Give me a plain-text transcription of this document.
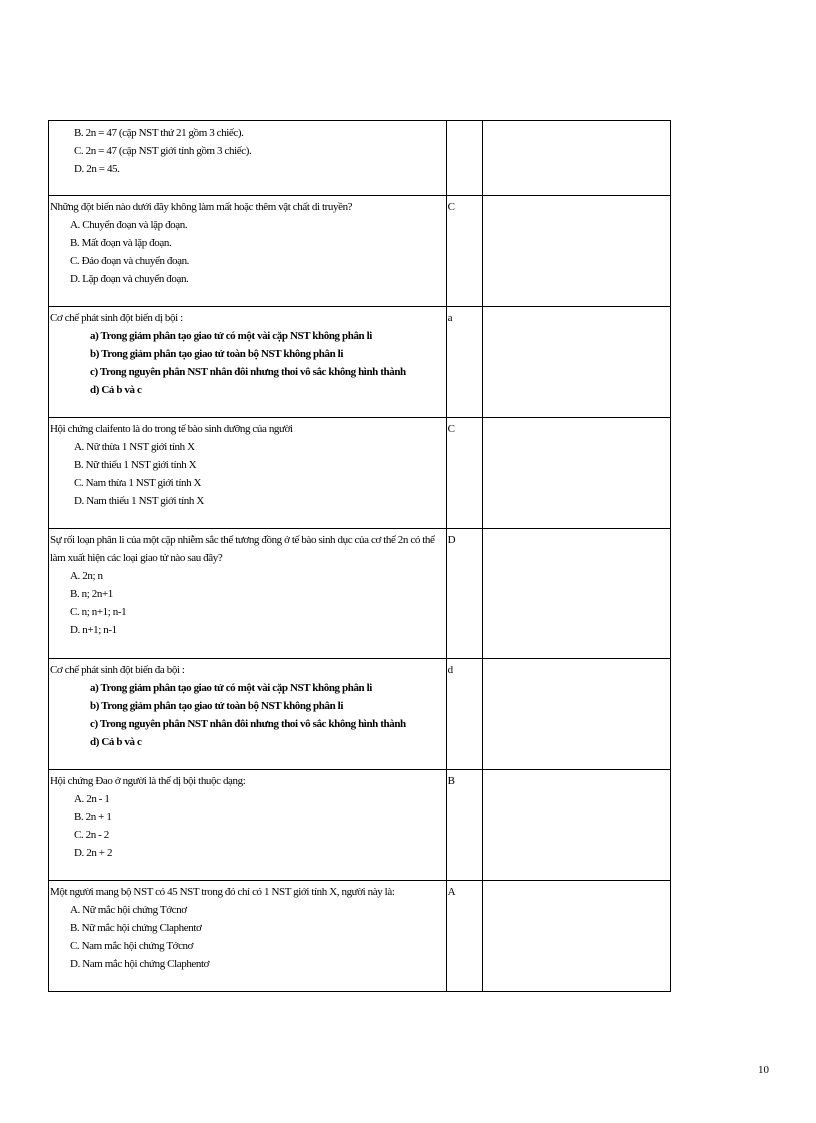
B. 2n = 47 (cặp NST thứ 21 gồm 3 chiếc).
C. 2n = 47 (cặp NST giới tính gồm 3 chiếc).
D. 2n = 45.		

Những đột biến nào dưới đây không làm mất hoặc thêm vật chất di truyền?
A. Chuyển đoạn và lặp đoạn.
B. Mất đoạn và lặp đoạn.
C. Đảo đoạn và chuyển đoạn.
D. Lặp đoạn và chuyển đoạn.	C	

Cơ chế phát sinh đột biến dị bội :
a) Trong giảm phân tạo giao tử có một vài cặp NST không phân li
b) Trong giảm phân tạo giao tử toàn bộ NST không phân li
c) Trong nguyên phân NST nhân đôi nhưng thoi vô sắc không hình thành
d) Cả b và c	a	

Hội chứng claifento là do trong tế bào sinh dưỡng của người
A. Nữ thừa 1 NST giới tính X
B. Nữ thiếu 1 NST giới tính X
C. Nam thừa 1 NST giới tính X
D. Nam thiếu 1 NST giới tính X	C	

Sự rối loạn phân li của một cặp nhiễm sắc thể tương đồng ở tế bào sinh dục của cơ thể 2n có thể làm xuất hiện các loại giao tử nào sau đây?
A. 2n; n
B. n; 2n+1
C. n; n+1; n-1
D. n+1; n-1	D	

Cơ chế phát sinh đột biến đa bội :
a) Trong giảm phân tạo giao tử có một vài cặp NST không phân li
b) Trong giảm phân tạo giao tử toàn bộ NST không phân li
c) Trong nguyên phân NST nhân đôi nhưng thoi vô sắc không hình thành
d) Cả b và c	d	

Hội chứng Đao ở người là thể dị bội thuộc dạng:
A. 2n - 1
B. 2n + 1
C. 2n - 2
D. 2n + 2	B	

Một người mang bộ NST có 45 NST trong đó chỉ có 1 NST giới tính X, người này là:
A. Nữ mắc hội chứng Tớcnơ
B. Nữ mắc hội chứng Claphentơ
C. Nam mắc hội chứng Tớcnơ
D. Nam mắc hội chứng Claphentơ	A	

10
